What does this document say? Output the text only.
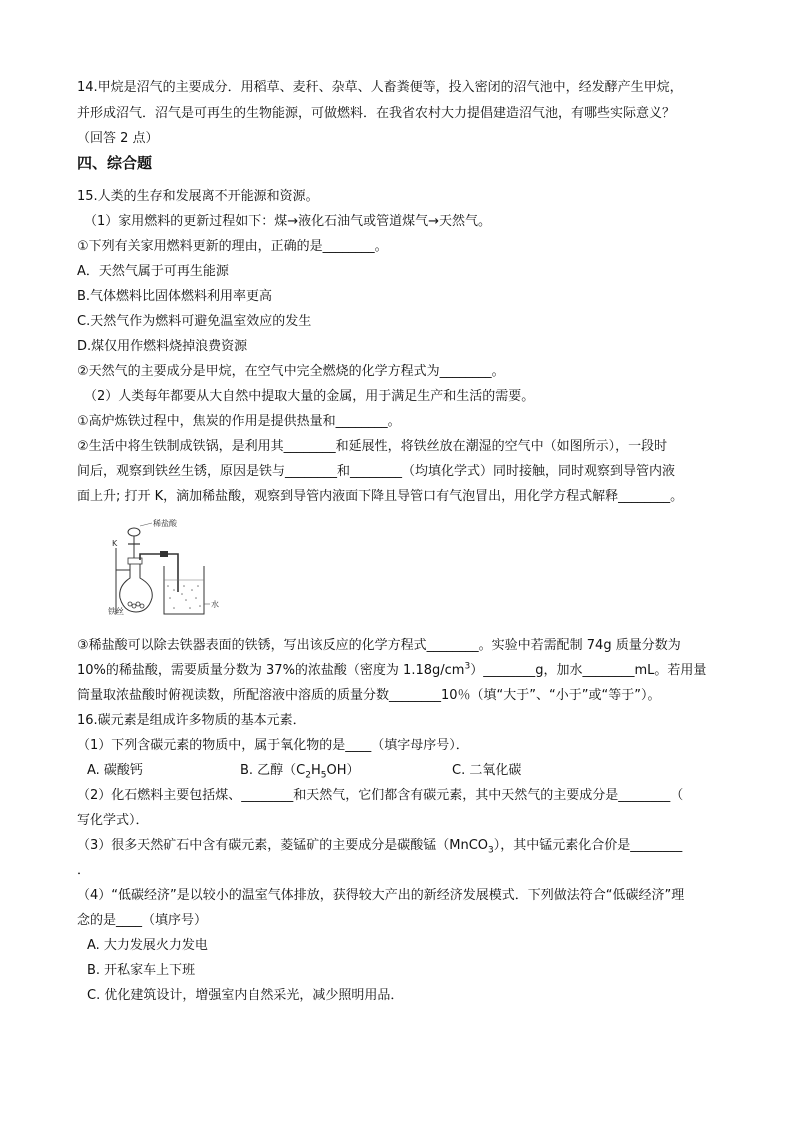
14.甲烷是沼气的主要成分．用稻草、麦秆、杂草、人畜粪便等，投入密闭的沼气池中，经发酵产生甲烷，
并形成沼气．沼气是可再生的生物能源，可做燃料．在我省农村大力提倡建造沼气池，有哪些实际意义？
（回答 2 点）
四、综合题
15.人类的生存和发展离不开能源和资源。
（1）家用燃料的更新过程如下：煤→液化石油气或管道煤气→天然气。
①下列有关家用燃料更新的理由，正确的是________。
A．天然气属于可再生能源
B.气体燃料比固体燃料利用率更高
C.天然气作为燃料可避免温室效应的发生
D.煤仅用作燃料烧掉浪费资源
②天然气的主要成分是甲烷，在空气中完全燃烧的化学方程式为________。
（2）人类每年都要从大自然中提取大量的金属，用于满足生产和生活的需要。
①高炉炼铁过程中，焦炭的作用是提供热量和________。
②生活中将生铁制成铁锅，是利用其________和延展性，将铁丝放在潮湿的空气中（如图所示），一段时
间后，观察到铁丝生锈，原因是铁与________和________（均填化学式）同时接触，同时观察到导管内液
面上升; 打开 K，滴加稀盐酸，观察到导管内液面下降且导管口有气泡冒出，用化学方程式解释________。
稀盐酸
K
铁丝
水
③稀盐酸可以除去铁器表面的铁锈，写出该反应的化学方程式________。实验中若需配制 74g 质量分数为
10%的稀盐酸，需要质量分数为 37%的浓盐酸（密度为 $1.18g/cm^3)\_\_\_\_\_\_\_\_g$，加水________mL。若用量
筒量取浓盐酸时俯视读数，所配溶液中溶质的质量分数________10％（填“大于”、“小于”或“等于”）。
16.碳元素是组成许多物质的基本元素．
（1）下列含碳元素的物质中，属于氧化物的是____（填字母序号）．
A. 碳酸钙	B. 乙醇$(C_2H_5OH)$	C. 二氧化碳
（2）化石燃料主要包括煤、________和天然气，它们都含有碳元素，其中天然气的主要成分是________（
写化学式）．
（3）很多天然矿石中含有碳元素，菱锰矿的主要成分是碳酸锰（MnCO$_3$），其中锰元素化合价是________
．
（4）“低碳经济”是以较小的温室气体排放，获得较大产出的新经济发展模式．下列做法符合“低碳经济”理
念的是____（填序号）
A. 大力发展火力发电
B. 开私家车上下班
C. 优化建筑设计，增强室内自然采光，减少照明用品．
